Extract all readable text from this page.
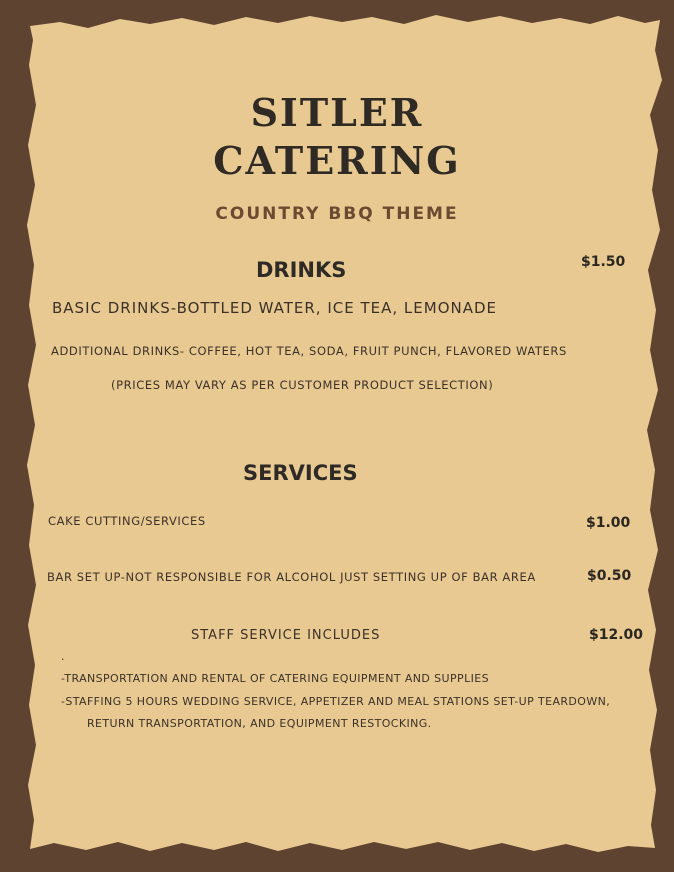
SITLER
CATERING
COUNTRY BBQ THEME
DRINKS	$1.50
BASIC DRINKS-BOTTLED WATER, ICE TEA, LEMONADE
ADDITIONAL DRINKS- COFFEE, HOT TEA, SODA, FRUIT PUNCH, FLAVORED WATERS
(PRICES MAY VARY AS PER CUSTOMER PRODUCT SELECTION)
SERVICES
CAKE CUTTING/SERVICES	$1.00
BAR SET UP-NOT RESPONSIBLE FOR ALCOHOL JUST SETTING UP OF BAR AREA	$0.50
STAFF SERVICE INCLUDES	$12.00
.
-TRANSPORTATION AND RENTAL OF CATERING EQUIPMENT AND SUPPLIES
-STAFFING 5 HOURS WEDDING SERVICE, APPETIZER AND MEAL STATIONS SET-UP TEARDOWN,
RETURN TRANSPORTATION, AND EQUIPMENT RESTOCKING.
